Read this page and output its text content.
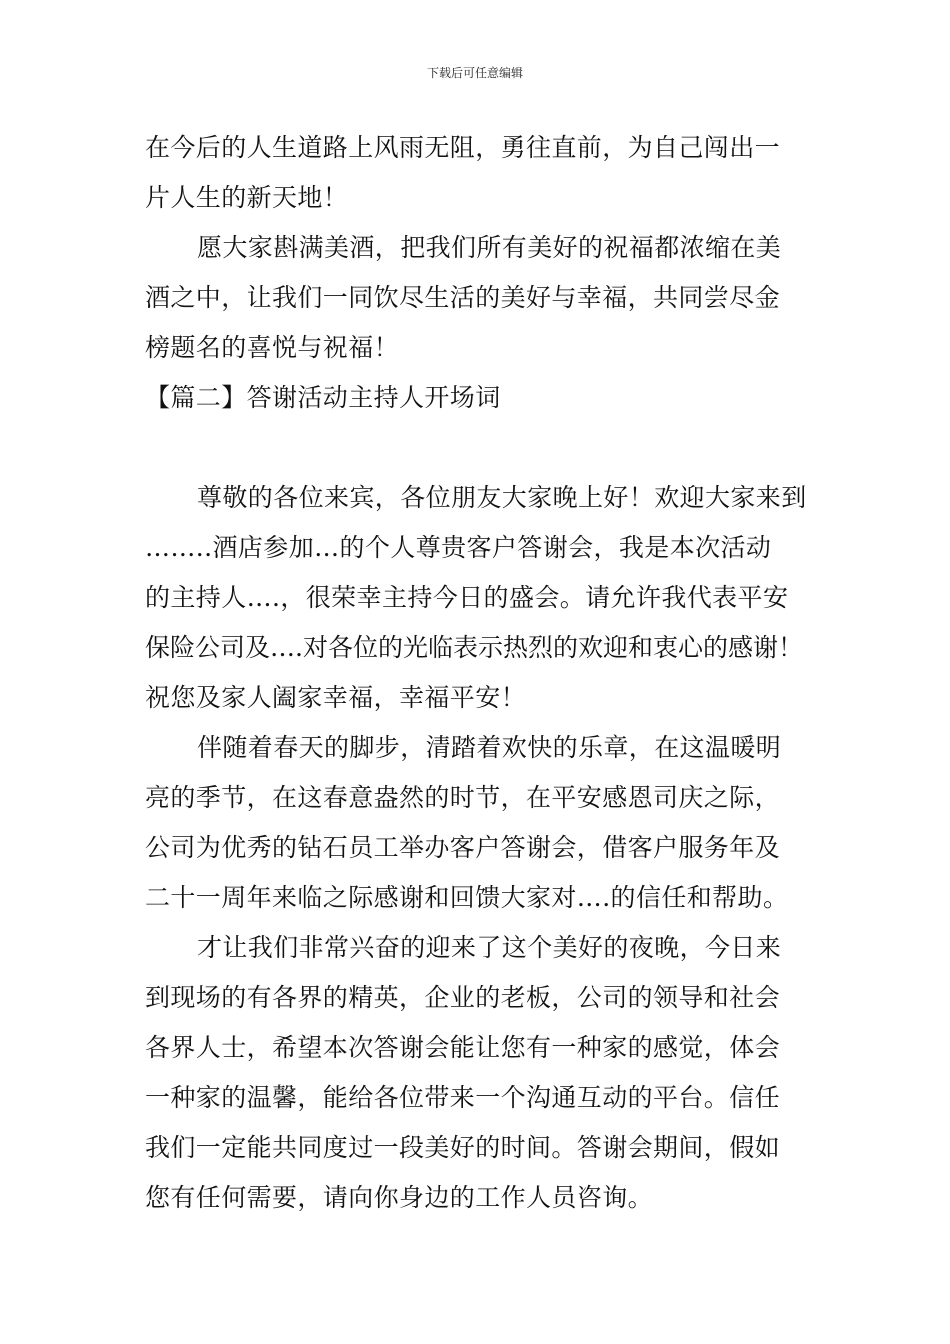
下载后可任意编辑
在今后的人生道路上风雨无阻，勇往直前，为自己闯出一
片人生的新天地！
愿大家斟满美酒，把我们所有美好的祝福都浓缩在美
酒之中，让我们一同饮尽生活的美好与幸福，共同尝尽金
榜题名的喜悦与祝福！
【篇二】答谢活动主持人开场词
尊敬的各位来宾，各位朋友大家晚上好！欢迎大家来到
……..酒店参加…的个人尊贵客户答谢会，我是本次活动
的主持人….，很荣幸主持今日的盛会。请允许我代表平安
保险公司及….对各位的光临表示热烈的欢迎和衷心的感谢！
祝您及家人阖家幸福，幸福平安！
伴随着春天的脚步，清踏着欢快的乐章，在这温暖明
亮的季节，在这春意盎然的时节，在平安感恩司庆之际，
公司为优秀的钻石员工举办客户答谢会，借客户服务年及
二十一周年来临之际感谢和回馈大家对….的信任和帮助。
才让我们非常兴奋的迎来了这个美好的夜晚，今日来
到现场的有各界的精英，企业的老板，公司的领导和社会
各界人士，希望本次答谢会能让您有一种家的感觉，体会
一种家的温馨，能给各位带来一个沟通互动的平台。信任
我们一定能共同度过一段美好的时间。答谢会期间，假如
您有任何需要，请向你身边的工作人员咨询。
